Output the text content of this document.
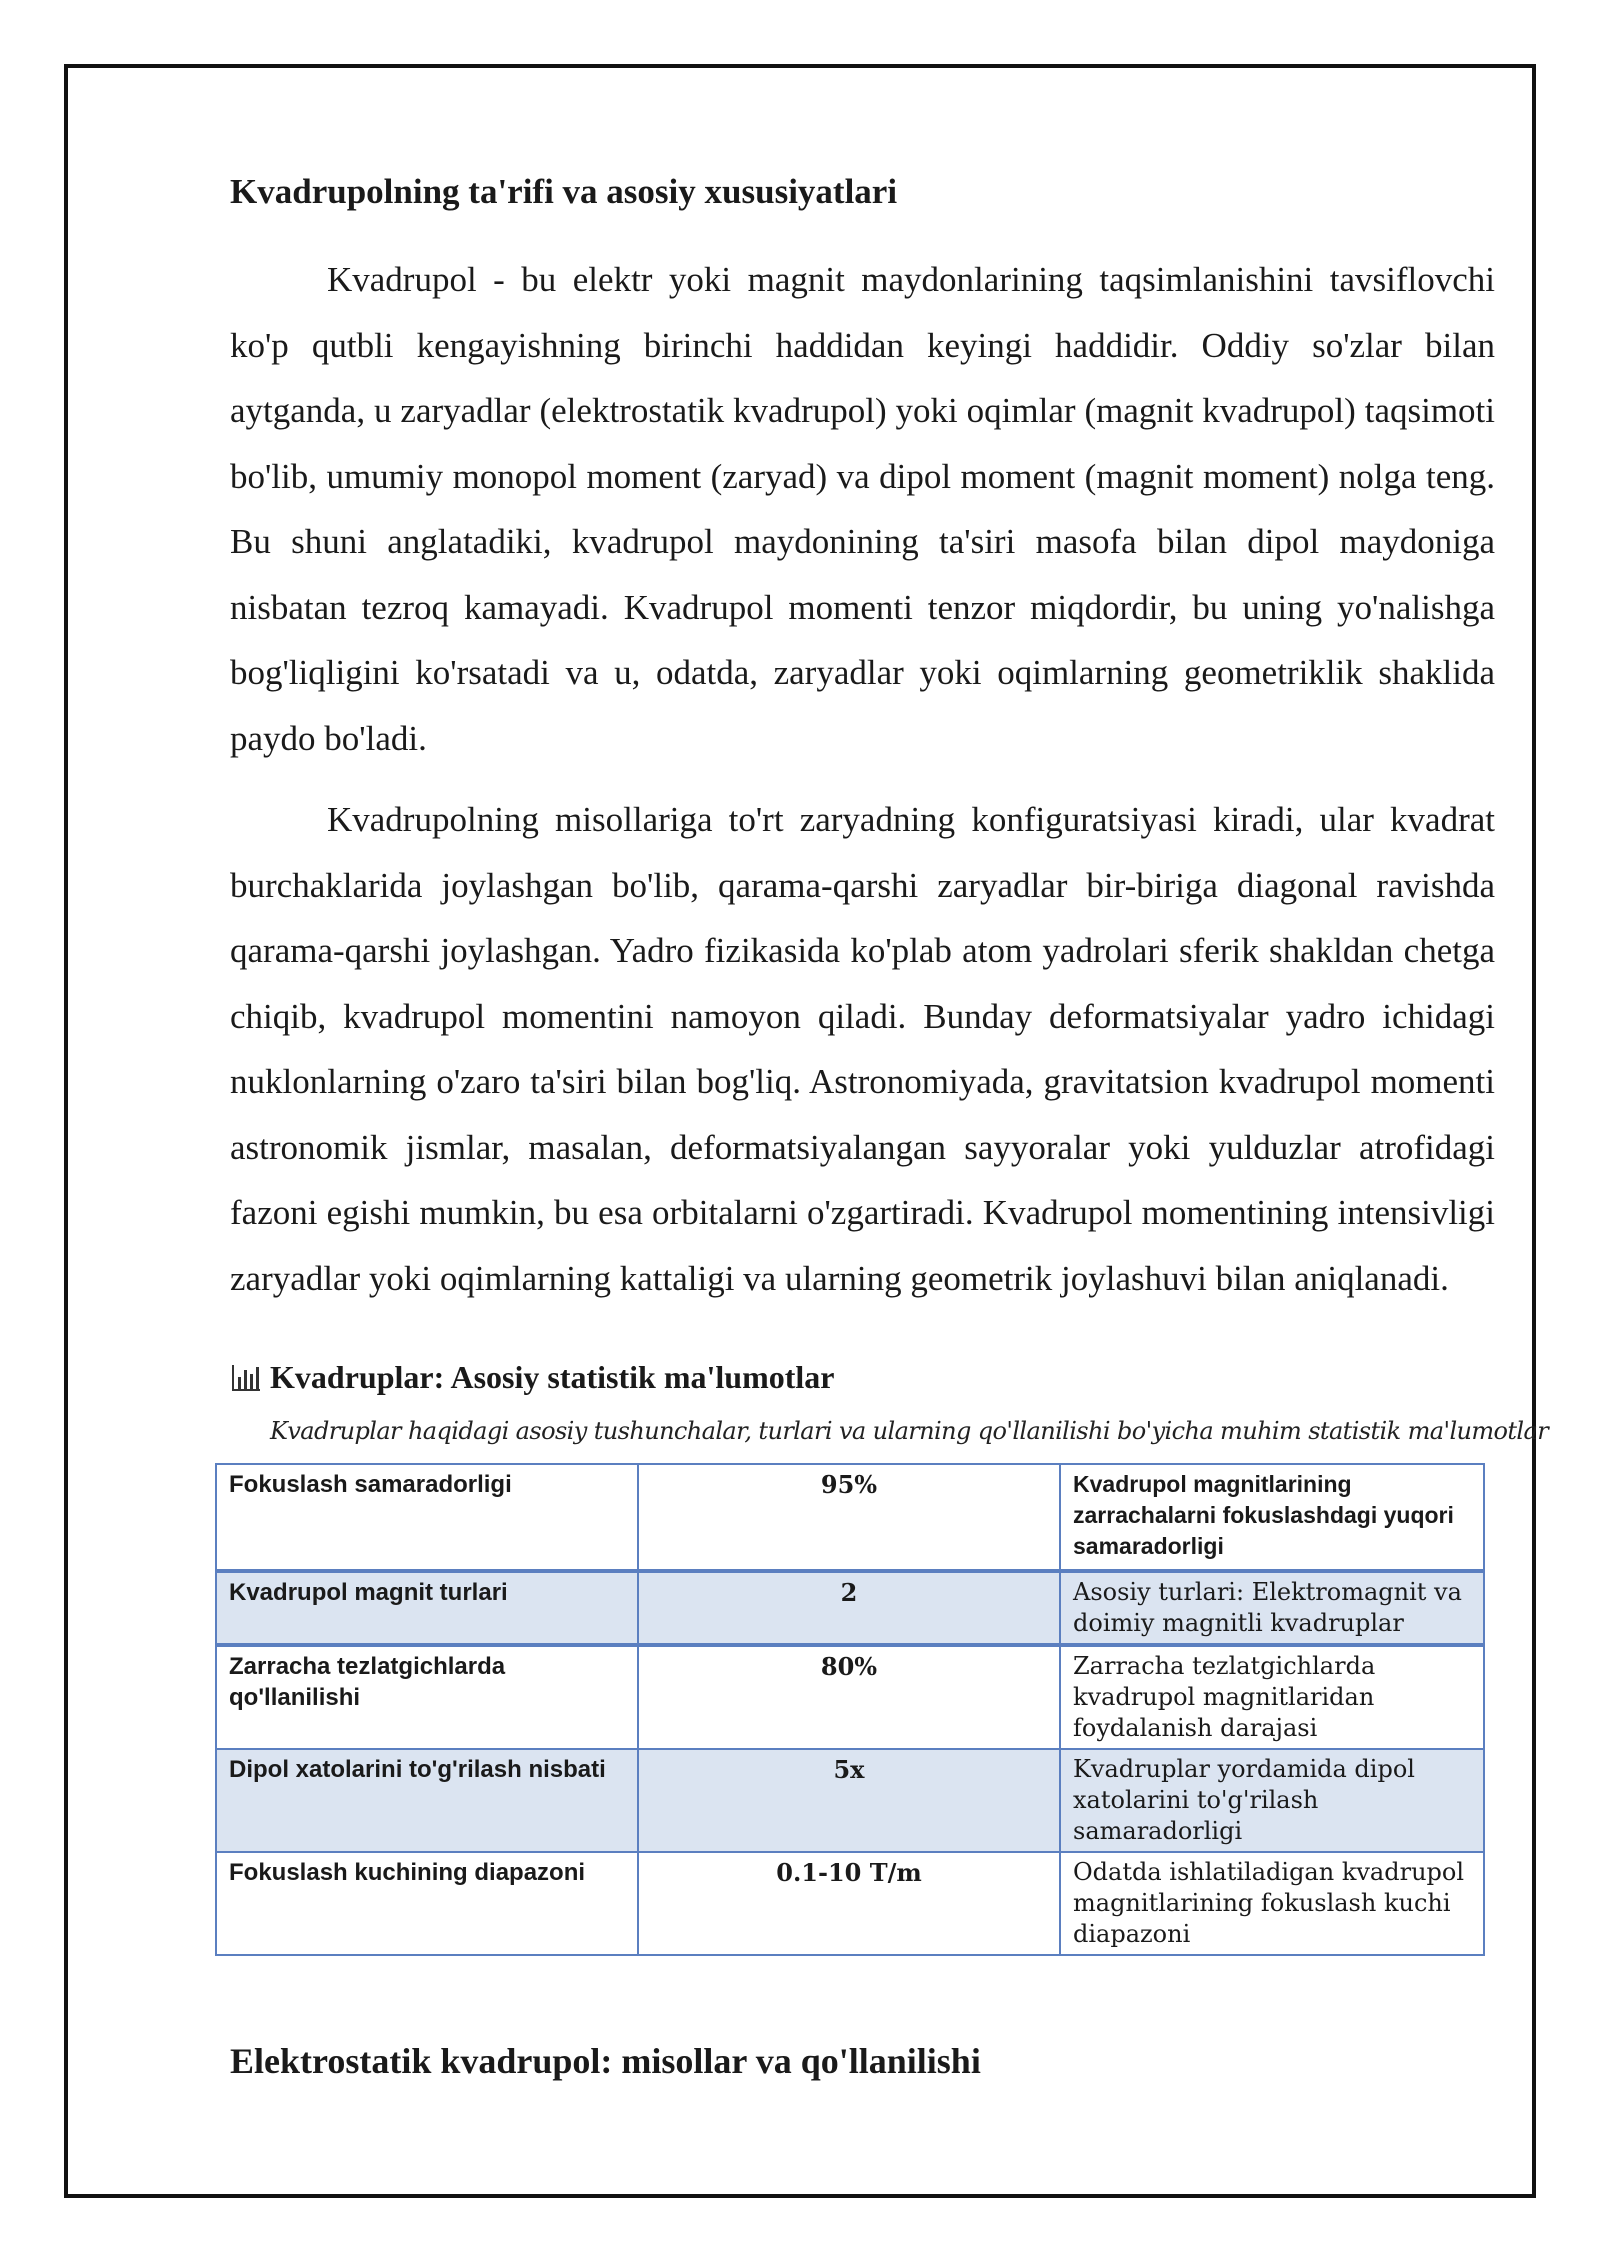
Kvadrupolning ta'rifi va asosiy xususiyatlari

Kvadrupol - bu elektr yoki magnit maydonlarining taqsimlanishini tavsiflovchi ko'p qutbli kengayishning birinchi haddidan keyingi haddidir. Oddiy so'zlar bilan aytganda, u zaryadlar (elektrostatik kvadrupol) yoki oqimlar (magnit kvadrupol) taqsimoti bo'lib, umumiy monopol moment (zaryad) va dipol moment (magnit moment) nolga teng. Bu shuni anglatadiki, kvadrupol maydonining ta'siri masofa bilan dipol maydoniga nisbatan tezroq kamayadi. Kvadrupol momenti tenzor miqdordir, bu uning yo'nalishga bog'liqligini ko'rsatadi va u, odatda, zaryadlar yoki oqimlarning geometriklik shaklida paydo bo'ladi.

Kvadrupolning misollariga to'rt zaryadning konfiguratsiyasi kiradi, ular kvadrat burchaklarida joylashgan bo'lib, qarama-qarshi zaryadlar bir-biriga diagonal ravishda qarama-qarshi joylashgan. Yadro fizikasida ko'plab atom yadrolari sferik shakldan chetga chiqib, kvadrupol momentini namoyon qiladi. Bunday deformatsiyalar yadro ichidagi nuklonlarning o'zaro ta'siri bilan bog'liq. Astronomiyada, gravitatsion kvadrupol momenti astronomik jismlar, masalan, deformatsiyalangan sayyoralar yoki yulduzlar atrofidagi fazoni egishi mumkin, bu esa orbitalarni o'zgartiradi. Kvadrupol momentining intensivligi zaryadlar yoki oqimlarning kattaligi va ularning geometrik joylashuvi bilan aniqlanadi.

Kvadruplar: Asosiy statistik ma'lumotlar
Kvadruplar haqidagi asosiy tushunchalar, turlari va ularning qo'llanilishi bo'yicha muhim statistik ma'lumotlar
Fokuslash samaradorligi	95%	Kvadrupol magnitlarining zarrachalarni fokuslashdagi yuqori samaradorligi
Kvadrupol magnit turlari	2	Asosiy turlari: Elektromagnit va doimiy magnitli kvadruplar
Zarracha tezlatgichlarda qo'llanilishi	80%	Zarracha tezlatgichlarda kvadrupol magnitlaridan foydalanish darajasi
Dipol xatolarini to'g'rilash nisbati	5x	Kvadruplar yordamida dipol xatolarini to'g'rilash samaradorligi
Fokuslash kuchining diapazoni	0.1-10 T/m	Odatda ishlatiladigan kvadrupol magnitlarining fokuslash kuchi diapazoni
Elektrostatik kvadrupol: misollar va qo'llanilishi
